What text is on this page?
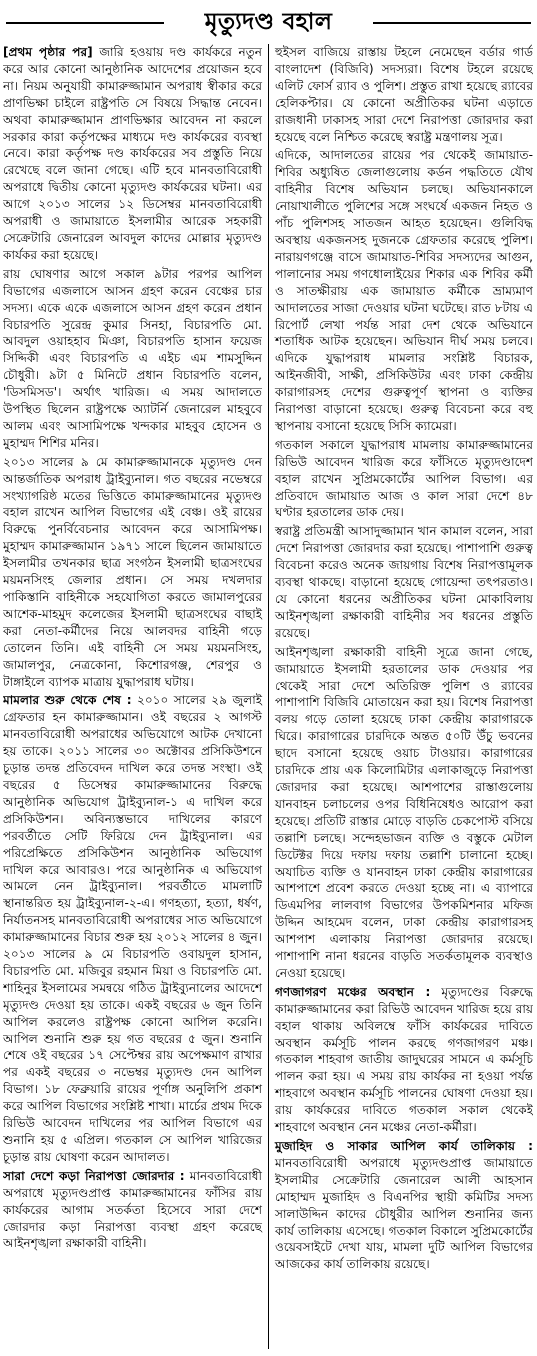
মৃত্যুদণ্ড বহাল

[প্রথম পৃষ্ঠার পর] জারি হওয়ায় দণ্ড কার্যকরে নতুন করে আর কোনো আনুষ্ঠানিক আদেশের প্রয়োজন হবে না। নিয়ম অনুযায়ী কামারুজ্জামান অপরাধ স্বীকার করে প্রাণভিক্ষা চাইলে রাষ্ট্রপতি সে বিষয়ে সিদ্ধান্ত নেবেন। অথবা কামারুজ্জামান প্রাণভিক্ষার আবেদন না করলে সরকার কারা কর্তৃপক্ষের মাধ্যমে দণ্ড কার্যকরের ব্যবস্থা নেবে। কারা কর্তৃপক্ষ দণ্ড কার্যকরের সব প্রস্তুতি নিয়ে রেখেছে বলে জানা গেছে। এটি হবে মানবতাবিরোধী অপরাধে দ্বিতীয় কোনো মৃত্যুদণ্ড কার্যকরের ঘটনা। এর আগে ২০১৩ সালের ১২ ডিসেম্বর মানবতাবিরোধী অপরাধী ও জামায়াতে ইসলামীর আরেক সহকারী সেক্রেটারি জেনারেল আবদুল কাদের মোল্লার মৃত্যুদণ্ড কার্যকর করা হয়েছে।

রায় ঘোষণার আগে সকাল ৯টার পরপর আপিল বিভাগের এজলাসে আসন গ্রহণ করেন বেঞ্চের চার সদস্য। একে একে এজলাসে আসন গ্রহণ করেন প্রধান বিচারপতি সুরেন্দ্র কুমার সিনহা, বিচারপতি মো. আবদুল ওয়াহহাব মিঞা, বিচারপতি হাসান ফয়েজ সিদ্দিকী এবং বিচারপতি এ এইচ এম শামসুদ্দিন চৌধুরী। ৯টা ৫ মিনিটে প্রধান বিচারপতি বলেন, 'ডিসমিসড'। অর্থাৎ খারিজ। এ সময় আদালতে উপস্থিত ছিলেন রাষ্ট্রপক্ষে অ্যাটর্নি জেনারেল মাহবুবে আলম এবং আসামিপক্ষে খন্দকার মাহবুব হোসেন ও মুহাম্মদ শিশির মনির।

২০১৩ সালের ৯ মে কামারুজ্জামানকে মৃত্যুদণ্ড দেন আন্তর্জাতিক অপরাধ ট্রাইব্যুনাল। গত বছরের নভেম্বরে সংখ্যাগরিষ্ঠ মতের ভিত্তিতে কামারুজ্জামানের মৃত্যুদণ্ড বহাল রাখেন আপিল বিভাগের এই বেঞ্চ। ওই রায়ের বিরুদ্ধে পুনর্বিবেচনার আবেদন করে আসামিপক্ষ। মুহাম্মদ কামারুজ্জামান ১৯৭১ সালে ছিলেন জামায়াতে ইসলামীর তখনকার ছাত্র সংগঠন ইসলামী ছাত্রসংঘের ময়মনসিংহ জেলার প্রধান। সে সময় দখলদার পাকিস্তানি বাহিনীকে সহযোগিতা করতে জামালপুরের আশেক-মাহমুদ কলেজের ইসলামী ছাত্রসংঘের বাছাই করা নেতা-কর্মীদের নিয়ে আলবদর বাহিনী গড়ে তোলেন তিনি। এই বাহিনী সে সময় ময়মনসিংহ, জামালপুর, নেত্রকোনা, কিশোরগঞ্জ, শেরপুর ও টাঙ্গাইলে ব্যাপক মাত্রায় যুদ্ধাপরাধ ঘটায়।

মামলার শুরু থেকে শেষ : ২০১০ সালের ২৯ জুলাই গ্রেফতার হন কামারুজ্জামান। ওই বছরের ২ আগস্ট মানবতাবিরোধী অপরাধের অভিযোগে আটক দেখানো হয় তাকে। ২০১১ সালের ৩০ অক্টোবর প্রসিকিউশনে চূড়ান্ত তদন্ত প্রতিবেদন দাখিল করে তদন্ত সংস্থা। ওই বছরের ৫ ডিসেম্বর কামারুজ্জামানের বিরুদ্ধে আনুষ্ঠানিক অভিযোগ ট্রাইব্যুনাল-১ এ দাখিল করে প্রসিকিউশন। অবিন্যস্তভাবে দাখিলের কারণে পরবর্তীতে সেটি ফিরিয়ে দেন ট্রাইব্যুনাল। এর পরিপ্রেক্ষিতে প্রসিকিউশন আনুষ্ঠানিক অভিযোগ দাখিল করে আবারও। পরে আনুষ্ঠানিক এ অভিযোগ আমলে নেন ট্রাইব্যুনাল। পরবর্তীতে মামলাটি স্থানান্তরিত হয় ট্রাইব্যুনাল-২-এ। গণহত্যা, হত্যা, ধর্ষণ, নির্যাতনসহ মানবতাবিরোধী অপরাধের সাত অভিযোগে কামারুজ্জামানের বিচার শুরু হয় ২০১২ সালের ৪ জুন। ২০১৩ সালের ৯ মে বিচারপতি ওবায়দুল হাসান, বিচারপতি মো. মজিবুর রহমান মিয়া ও বিচারপতি মো. শাহিনুর ইসলামের সমন্বয়ে গঠিত ট্রাইব্যুনালের আদেশে মৃত্যুদণ্ড দেওয়া হয় তাকে। একই বছরের ৬ জুন তিনি আপিল করলেও রাষ্ট্রপক্ষ কোনো আপিল করেনি। আপিল শুনানি শুরু হয় গত বছরের ৫ জুন। শুনানি শেষে ওই বছরের ১৭ সেপ্টেম্বর রায় অপেক্ষমাণ রাখার পর একই বছরের ৩ নভেম্বর মৃত্যুদণ্ড দেন আপিল বিভাগ। ১৮ ফেব্রুয়ারি রায়ের পূর্ণাঙ্গ অনুলিপি প্রকাশ করে আপিল বিভাগের সংশ্লিষ্ট শাখা। মার্চের প্রথম দিকে রিভিউ আবেদন দাখিলের পর আপিল বিভাগে এর শুনানি হয় ৫ এপ্রিল। গতকাল সে আপিল খারিজের চূড়ান্ত রায় ঘোষণা করেন আদালত।

সারা দেশে কড়া নিরাপত্তা জোরদার : মানবতাবিরোধী অপরাধে মৃত্যুদণ্ডপ্রাপ্ত কামারুজ্জামানের ফাঁসির রায় কার্যকরের আগাম সতর্কতা হিসেবে সারা দেশে জোরদার কড়া নিরাপত্তা ব্যবস্থা গ্রহণ করেছে আইনশৃঙ্খলা রক্ষাকারী বাহিনী।

হুইসল বাজিয়ে রাস্তায় টহলে নেমেছেন বর্ডার গার্ড বাংলাদেশ (বিজিবি) সদস্যরা। বিশেষ টহলে রয়েছে এলিট ফোর্স র‌্যাব ও পুলিশ। প্রস্তুত রাখা হয়েছে র‌্যাবের হেলিকপ্টার। যে কোনো অপ্রীতিকর ঘটনা এড়াতে রাজধানী ঢাকাসহ সারা দেশে নিরাপত্তা জোরদার করা হয়েছে বলে নিশ্চিত করেছে স্বরাষ্ট্র মন্ত্রণালয় সূত্র।

এদিকে, আদালতের রায়ের পর থেকেই জামায়াত-শিবির অধ্যুষিত জেলাগুলোয় কর্ডন পদ্ধতিতে যৌথ বাহিনীর বিশেষ অভিযান চলছে। অভিযানকালে নোয়াখালীতে পুলিশের সঙ্গে সংঘর্ষে একজন নিহত ও পাঁচ পুলিশসহ সাতজন আহত হয়েছেন। গুলিবিদ্ধ অবস্থায় একজনসহ দুজনকে গ্রেফতার করেছে পুলিশ। নারায়ণগঞ্জে বাসে জামায়াত-শিবির সদস্যদের আগুন, পালানোর সময় গণধোলাইয়ের শিকার এক শিবির কর্মী ও সাতক্ষীরায় এক জামায়াত কর্মীকে ভ্রাম্যমাণ আদালতের সাজা দেওয়ার ঘটনা ঘটেছে। রাত ৮টায় এ রিপোর্ট লেখা পর্যন্ত সারা দেশ থেকে অভিযানে শতাধিক আটক হয়েছেন। অভিযান দীর্ঘ সময় চলবে। এদিকে যুদ্ধাপরাধ মামলার সংশ্লিষ্ট বিচারক, আইনজীবী, সাক্ষী, প্রসিকিউটর এবং ঢাকা কেন্দ্রীয় কারাগারসহ দেশের গুরুত্বপূর্ণ স্থাপনা ও ব্যক্তির নিরাপত্তা বাড়ানো হয়েছে। গুরুত্ব বিবেচনা করে বহু স্থাপনায় বসানো হয়েছে সিসি ক্যামেরা।

গতকাল সকালে যুদ্ধাপরাধ মামলায় কামারুজ্জামানের রিভিউ আবেদন খারিজ করে ফাঁসিতে মৃত্যুদণ্ডাদেশ বহাল রাখেন সুপ্রিমকোর্টের আপিল বিভাগ। এর প্রতিবাদে জামায়াত আজ ও কাল সারা দেশে ৪৮ ঘণ্টার হরতালের ডাক দেয়।

স্বরাষ্ট্র প্রতিমন্ত্রী আসাদুজ্জামান খান কামাল বলেন, সারা দেশে নিরাপত্তা জোরদার করা হয়েছে। পাশাপাশি গুরুত্ব বিবেচনা করেও অনেক জায়গায় বিশেষ নিরাপত্তামূলক ব্যবস্থা থাকছে। বাড়ানো হয়েছে গোয়েন্দা তৎপরতাও। যে কোনো ধরনের অপ্রীতিকর ঘটনা মোকাবিলায় আইনশৃঙ্খলা রক্ষাকারী বাহিনীর সব ধরনের প্রস্তুতি রয়েছে।

আইনশৃঙ্খলা রক্ষাকারী বাহিনী সূত্রে জানা গেছে, জামায়াতে ইসলামী হরতালের ডাক দেওয়ার পর থেকেই সারা দেশে অতিরিক্ত পুলিশ ও র‌্যাবের পাশাপাশি বিজিবি মোতায়েন করা হয়। বিশেষ নিরাপত্তা বলয় গড়ে তোলা হয়েছে ঢাকা কেন্দ্রীয় কারাগারকে ঘিরে। কারাগারের চারদিকে অন্তত ৫০টি উঁচু ভবনের ছাদে বসানো হয়েছে ওয়াচ টাওয়ার। কারাগারের চারদিকে প্রায় এক কিলোমিটার এলাকাজুড়ে নিরাপত্তা জোরদার করা হয়েছে। আশপাশের রাস্তাগুলোয় যানবাহন চলাচলের ওপর বিধিনিষেধও আরোপ করা হয়েছে। প্রতিটি রাস্তার মোড়ে বাড়তি চেকপোস্ট বসিয়ে তল্লাশি চলছে। সন্দেহভাজন ব্যক্তি ও বস্তুকে মেটাল ডিটেক্টর দিয়ে দফায় দফায় তল্লাশি চালানো হচ্ছে। অযাচিত ব্যক্তি ও যানবাহন ঢাকা কেন্দ্রীয় কারাগারের আশপাশে প্রবেশ করতে দেওয়া হচ্ছে না। এ ব্যাপারে ডিএমপির লালবাগ বিভাগের উপকমিশনার মফিজ উদ্দিন আহমেদ বলেন, ঢাকা কেন্দ্রীয় কারাগারসহ আশপাশ এলাকায় নিরাপত্তা জোরদার রয়েছে। পাশাপাশি নানা ধরনের বাড়তি সতর্কতামূলক ব্যবস্থাও নেওয়া হয়েছে।

গণজাগরণ মঞ্চের অবস্থান : মৃত্যুদণ্ডের বিরুদ্ধে কামারুজ্জামানের করা রিভিউ আবেদন খারিজ হয়ে রায় বহাল থাকায় অবিলম্বে ফাঁসি কার্যকরের দাবিতে অবস্থান কর্মসূচি পালন করছে গণজাগরণ মঞ্চ। গতকাল শাহবাগ জাতীয় জাদুঘরের সামনে এ কর্মসূচি পালন করা হয়। এ সময় রায় কার্যকর না হওয়া পর্যন্ত শাহবাগে অবস্থান কর্মসূচি পালনের ঘোষণা দেওয়া হয়। রায় কার্যকরের দাবিতে গতকাল সকাল থেকেই শাহবাগে অবস্থান নেন মঞ্চের নেতা-কর্মীরা।

মুজাহিদ ও সাকার আপিল কার্য তালিকায় : মানবতাবিরোধী অপরাধে মৃত্যুদণ্ডপ্রাপ্ত জামায়াতে ইসলামীর সেক্রেটারি জেনারেল আলী আহসান মোহাম্মদ মুজাহিদ ও বিএনপির স্থায়ী কমিটির সদস্য সালাউদ্দিন কাদের চৌধুরীর আপিল শুনানির জন্য কার্য তালিকায় এসেছে। গতকাল বিকালে সুপ্রিমকোর্টের ওয়েবসাইটে দেখা যায়, মামলা দুটি আপিল বিভাগের আজকের কার্য তালিকায় রয়েছে।
